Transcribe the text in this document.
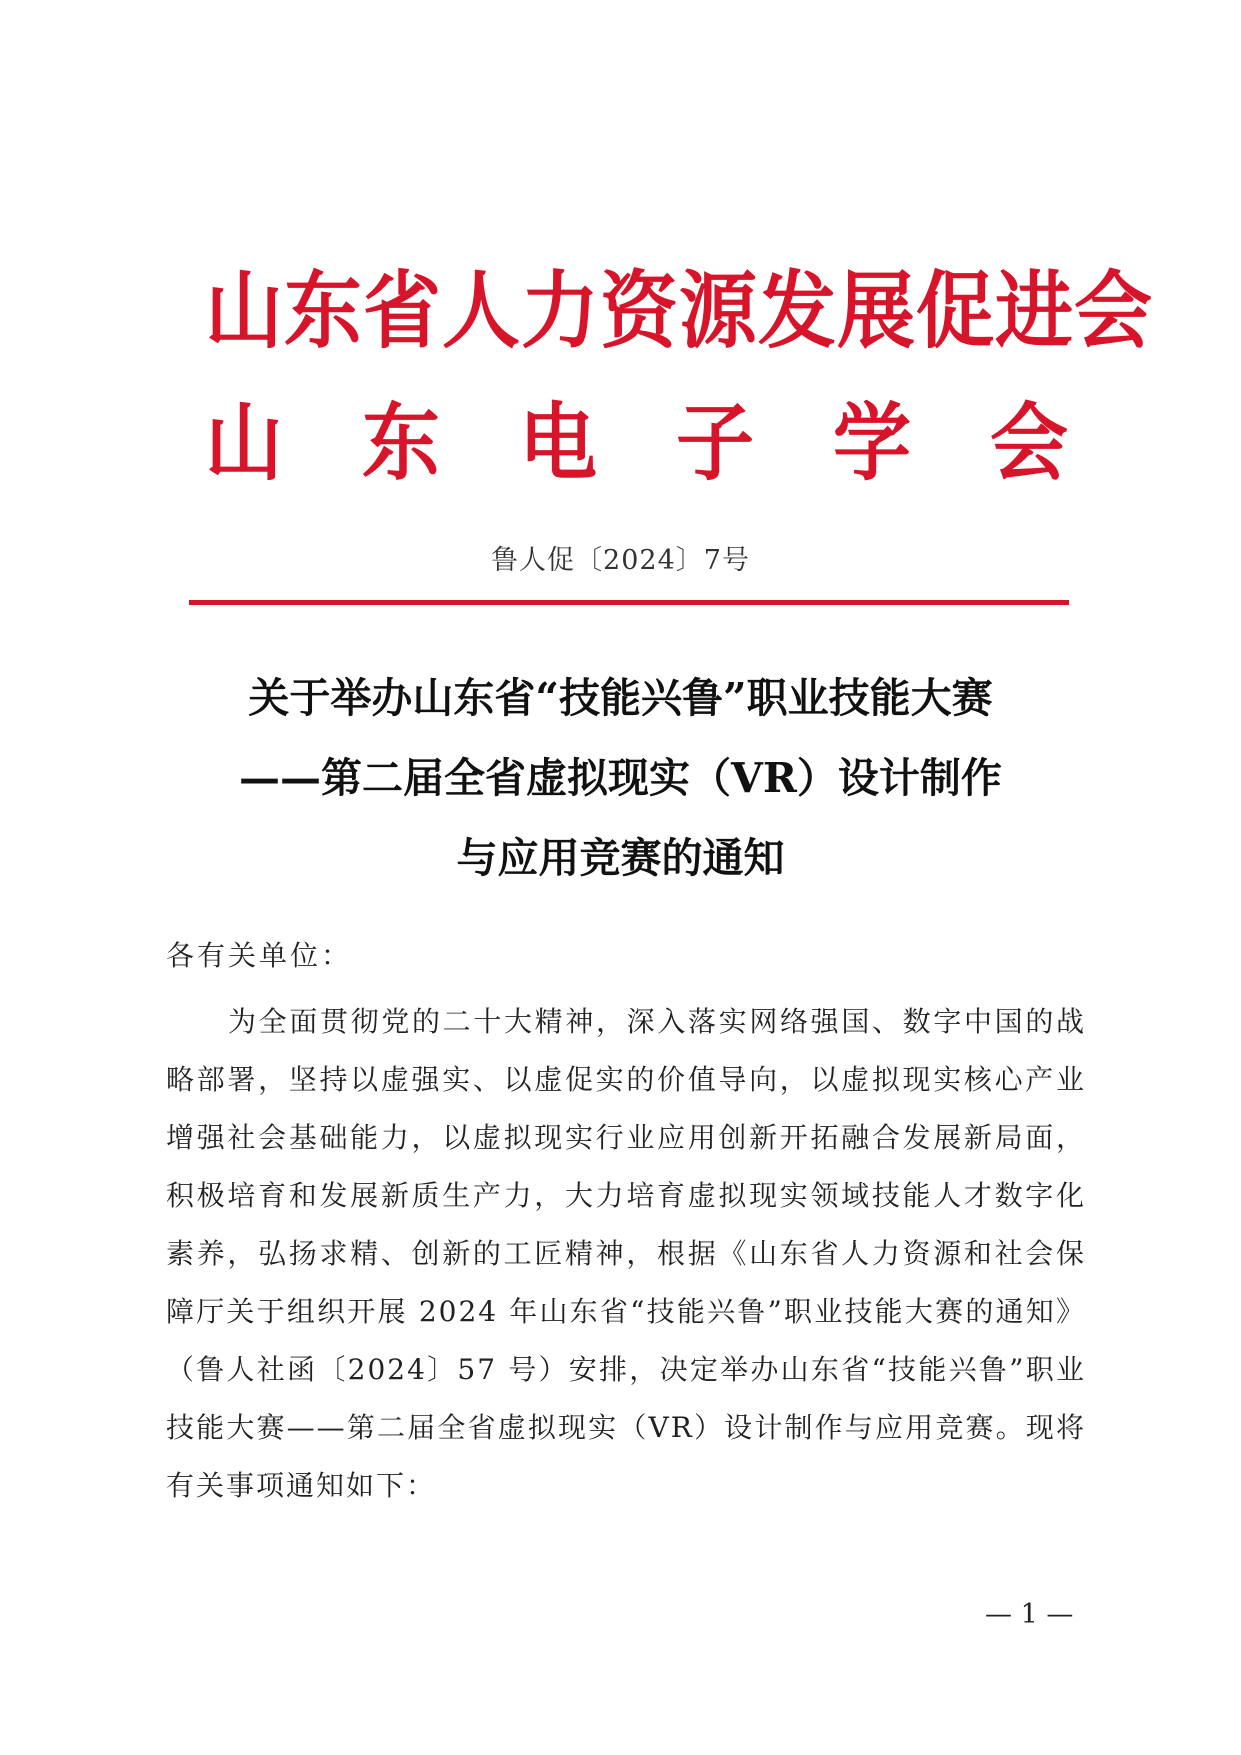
山东省人力资源发展促进会
山东电子学会
鲁人促〔2024〕7号
关于举办山东省“技能兴鲁”职业技能大赛
——第二届全省虚拟现实（VR）设计制作
与应用竞赛的通知
各有关单位：

为全面贯彻党的二十大精神，深入落实网络强国、数字中国的战略部署，坚持以虚强实、以虚促实的价值导向，以虚拟现实核心产业增强社会基础能力，以虚拟现实行业应用创新开拓融合发展新局面，积极培育和发展新质生产力，大力培育虚拟现实领域技能人才数字化素养，弘扬求精、创新的工匠精神，根据《山东省人力资源和社会保障厅关于组织开展 2024 年山东省“技能兴鲁”职业技能大赛的通知》（鲁人社函〔2024〕57 号）安排，决定举办山东省“技能兴鲁”职业技能大赛——第二届全省虚拟现实（VR）设计制作与应用竞赛。现将有关事项通知如下：

— 1 —
